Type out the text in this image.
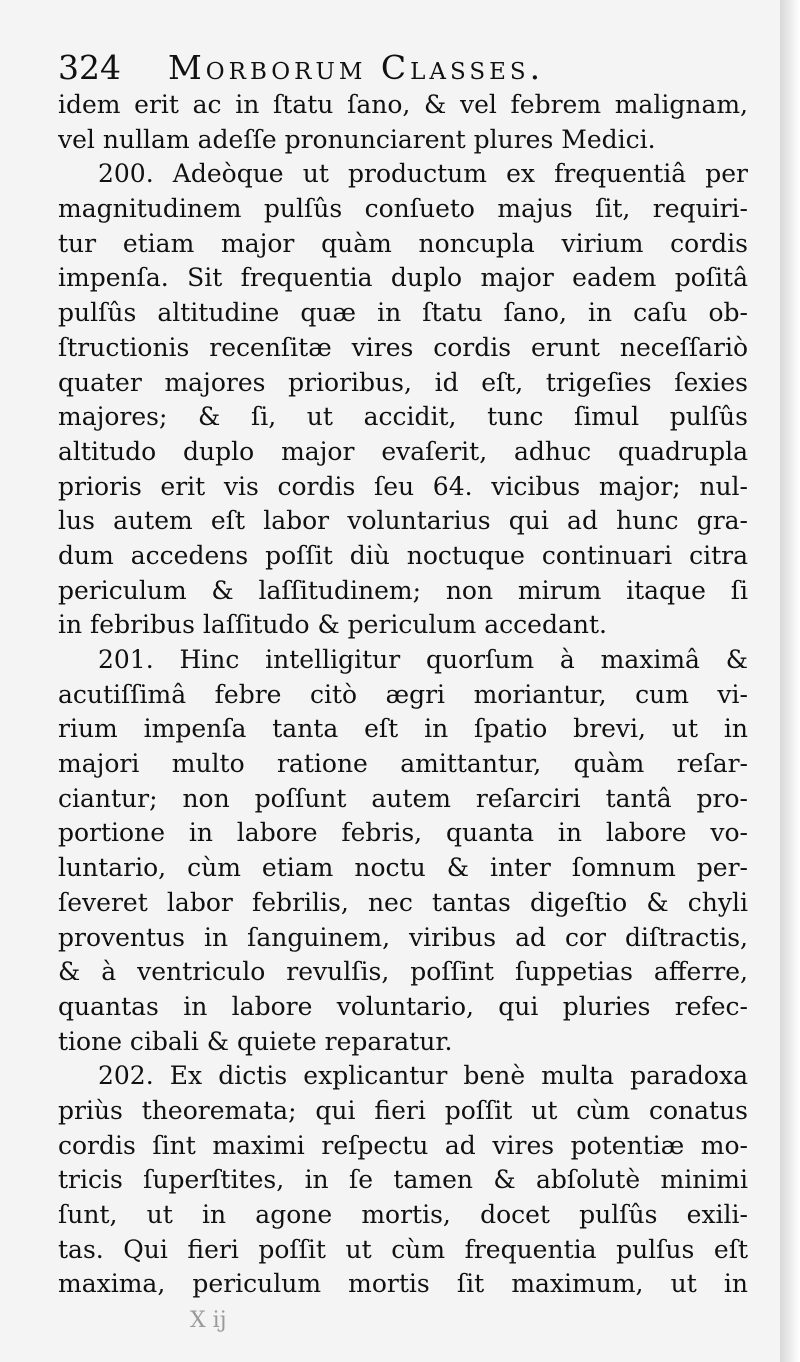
324 Morborum Classes.
idem erit ac in ſtatu ſano, & vel febrem malignam,
vel nullam adeſſe pronunciarent plures Medici.
200. Adeòque ut productum ex frequentiâ per
magnitudinem pulſûs conſueto majus ſit, requiri-
tur etiam major quàm noncupla virium cordis
impenſa. Sit frequentia duplo major eadem poſitâ
pulſûs altitudine quæ in ſtatu ſano, in caſu ob-
ſtructionis recenſitæ vires cordis erunt neceſſariò
quater majores prioribus, id eſt, trigeſies ſexies
majores; & ſi, ut accidit, tunc ſimul pulſûs
altitudo duplo major evaſerit, adhuc quadrupla
prioris erit vis cordis ſeu 64. vicibus major; nul-
lus autem eſt labor voluntarius qui ad hunc gra-
dum accedens poſſit diù noctuque continuari citra
periculum & laſſitudinem; non mirum itaque ſi
in febribus laſſitudo & periculum accedant.
201. Hinc intelligitur quorſum à maximâ &
acutiſſimâ febre citò ægri moriantur, cum vi-
rium impenſa tanta eſt in ſpatio brevi, ut in
majori multo ratione amittantur, quàm reſar-
ciantur; non poſſunt autem reſarciri tantâ pro-
portione in labore febris, quanta in labore vo-
luntario, cùm etiam noctu & inter ſomnum per-
ſeveret labor febrilis, nec tantas digeſtio & chyli
proventus in ſanguinem, viribus ad cor diſtractis,
& à ventriculo revulſis, poſſint ſuppetias afferre,
quantas in labore voluntario, qui pluries refec-
tione cibali & quiete reparatur.
202. Ex dictis explicantur benè multa paradoxa
priùs theoremata; qui fieri poſſit ut cùm conatus
cordis ſint maximi reſpectu ad vires potentiæ mo-
tricis ſuperſtites, in ſe tamen & abſolutè minimi
ſunt, ut in agone mortis, docet pulſûs exili-
tas. Qui fieri poſſit ut cùm frequentia pulſus eſt
maxima, periculum mortis ſit maximum, ut in
X ij
